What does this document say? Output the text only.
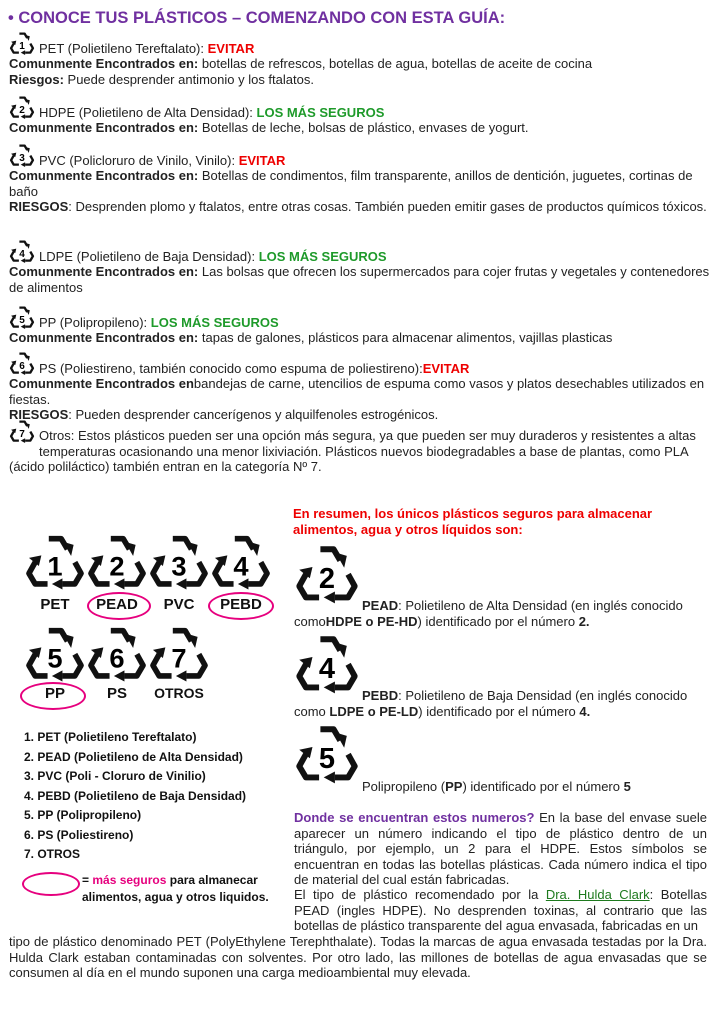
• CONOCE TUS PLÁSTICOS – COMENZANDO CON ESTA GUÍA:
1 PET (Polietileno Tereftalato):
EVITAR
Comunmente Encontrados en: botellas de refrescos, botellas de agua, botellas de aceite de cocina
Riesgos: Puede desprender antimonio y los ftalatos.
2 HDPE (Polietileno de Alta Densidad):
LOS MÁS SEGUROS
Comunmente Encontrados en: Botellas de leche, bolsas de plástico, envases de yogurt.
3 PVC (Policloruro de Vinilo, Vinilo):
EVITAR
Comunmente Encontrados en: Botellas de condimentos, film transparente, anillos de dentición, juguetes, cortinas de baño
RIESGOS: Desprenden plomo y ftalatos, entre otras cosas. También pueden emitir gases de productos químicos tóxicos.
4 LDPE (Polietileno de Baja Densidad):
LOS MÁS SEGUROS
Comunmente Encontrados en: Las bolsas que ofrecen los supermercados para cojer frutas y vegetales y contenedores de alimentos
5 PP (Polipropileno):
LOS MÁS SEGUROS
Comunmente Encontrados en: tapas de galones, plásticos para almacenar alimentos, vajillas plasticas
6 PS (Poliestireno, también conocido como espuma de poliestireno): EVITAR
Comunmente Encontrados enbandejas de carne, utencilios de espuma como vasos y platos desechables utilizados en fiestas.
RIESGOS: Pueden desprender cancerígenos y alquilfenoles estrogénicos.
7 Otros: Estos plásticos pueden ser una opción más segura, ya que pueden ser muy duraderos y resistentes a altas temperaturas ocasionando una menor lixiviación. Plásticos nuevos biodegradables a base de plantas, como PLA (ácido poliláctico) también entran en la categoría Nº 7.
1 2 3 4
PET	PEAD	PVC	PEBD
5 6 7
PP	PS	OTROS
1. PET (Polietileno Tereftalato)
2. PEAD (Polietileno de Alta Densidad)
3. PVC (Poli - Cloruro de Vinilio)
4. PEBD (Polietileno de Baja Densidad)
5. PP (Polipropileno)
6. PS (Poliestireno)
7. OTROS
= más seguros para almanecar alimentos, agua y otros liquidos.
En resumen, los únicos plásticos seguros para almacenar alimentos, agua y otros líquidos son:
2
PEAD: Polietileno de Alta Densidad (en inglés conocido comoHDPE o PE-HD) identificado por el número 2.
4
PEBD: Polietileno de Baja Densidad (en inglés conocido como LDPE o PE-LD) identificado por el número 4.
5
Polipropileno (PP) identificado por el número 5
Donde se encuentran estos numeros? En la base del envase suele aparecer un número indicando el tipo de plástico dentro de un triángulo, por ejemplo, un 2 para el HDPE. Estos símbolos se encuentran en todas las botellas plásticas. Cada número indica el tipo de material del cual están fabricadas.
El tipo de plástico recomendado por la Dra. Hulda Clark: Botellas PEAD (ingles HDPE). No desprenden toxinas, al contrario que las botellas de plástico transparente del agua envasada, fabricadas en un
tipo de plástico denominado PET (PolyEthylene Terephthalate). Todas la marcas de agua envasada testadas por la Dra. Hulda Clark estaban contaminadas con solventes. Por otro lado, las millones de botellas de agua envasadas que se consumen al día en el mundo suponen una carga medioambiental muy elevada.
